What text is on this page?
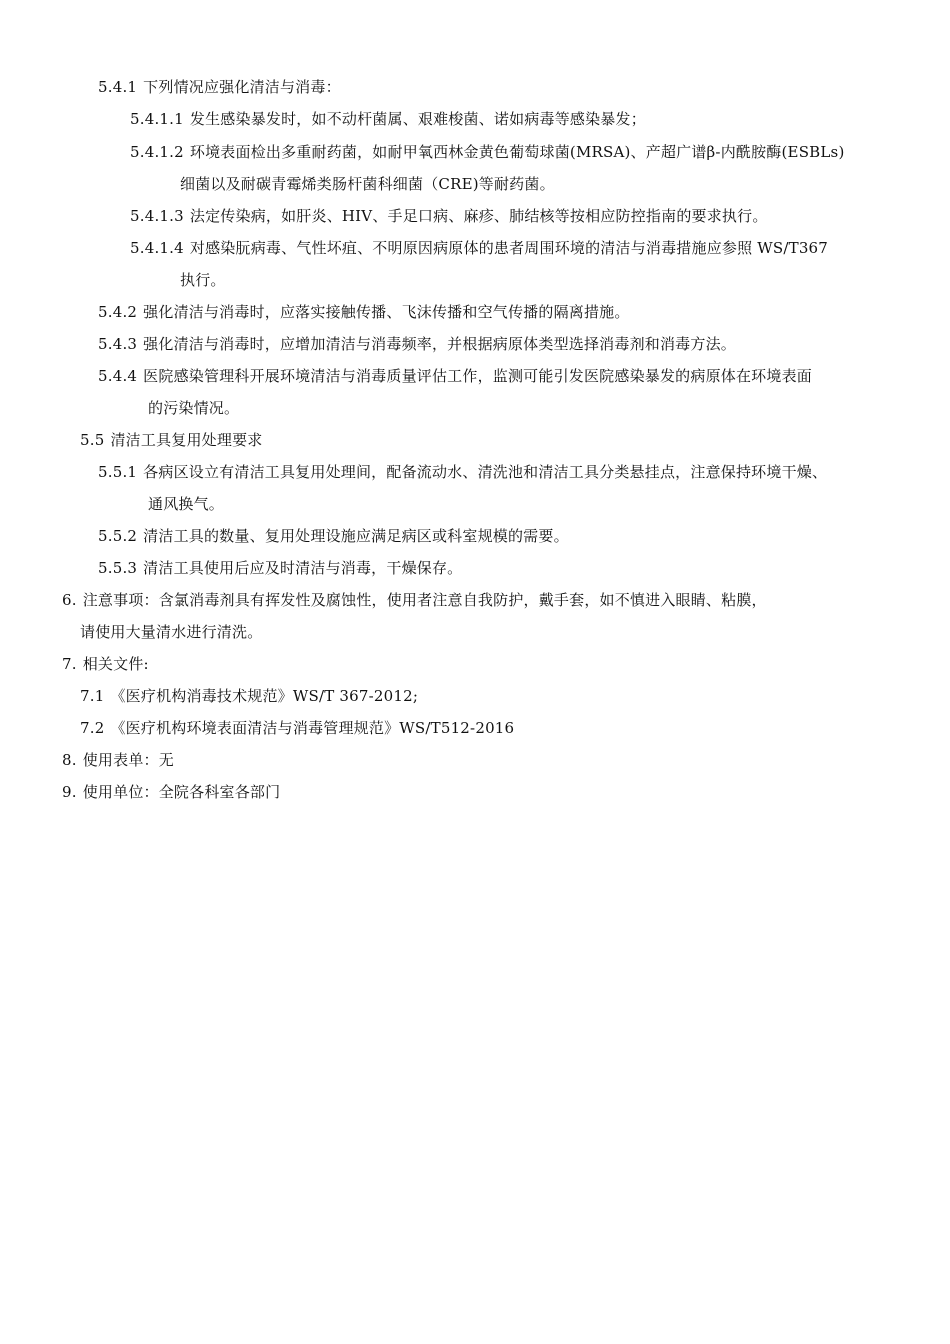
5.4.1 下列情况应强化清洁与消毒：
5.4.1.1 发生感染暴发时，如不动杆菌属、艰难梭菌、诺如病毒等感染暴发；
5.4.1.2 环境表面检出多重耐药菌，如耐甲氧西林金黄色葡萄球菌(MRSA)、产超广谱β-内酰胺酶(ESBLs)
细菌以及耐碳青霉烯类肠杆菌科细菌（CRE)等耐药菌。
5.4.1.3 法定传染病，如肝炎、HIV、手足口病、麻疹、肺结核等按相应防控指南的要求执行。
5.4.1.4 对感染朊病毒、气性坏疽、不明原因病原体的患者周围环境的清洁与消毒措施应参照 WS/T367
执行。
5.4.2 强化清洁与消毒时，应落实接触传播、飞沫传播和空气传播的隔离措施。
5.4.3 强化清洁与消毒时，应增加清洁与消毒频率，并根据病原体类型选择消毒剂和消毒方法。
5.4.4 医院感染管理科开展环境清洁与消毒质量评估工作，监测可能引发医院感染暴发的病原体在环境表面
的污染情况。
5.5 清洁工具复用处理要求
5.5.1 各病区设立有清洁工具复用处理间，配备流动水、清洗池和清洁工具分类悬挂点，注意保持环境干燥、
通风换气。
5.5.2 清洁工具的数量、复用处理设施应满足病区或科室规模的需要。
5.5.3 清洁工具使用后应及时清洁与消毒，干燥保存。
6. 注意事项：含氯消毒剂具有挥发性及腐蚀性，使用者注意自我防护，戴手套，如不慎进入眼睛、粘膜，
请使用大量清水进行清洗。
7. 相关文件:
7.1 《医疗机构消毒技术规范》WS/T 367-2012;
7.2 《医疗机构环境表面清洁与消毒管理规范》WS/T512-2016
8. 使用表单：无
9. 使用单位：全院各科室各部门
